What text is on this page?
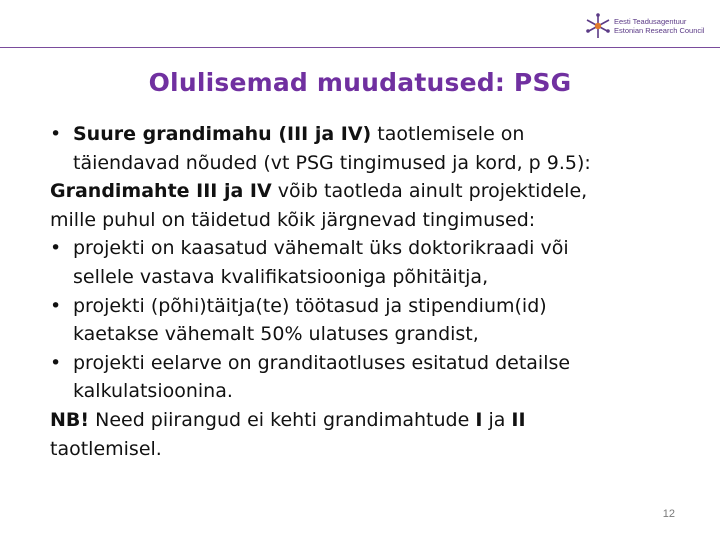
Eesti Teadusagentuur
Estonian Research Council
Olulisemad muudatused: PSG
• Suure grandimahu (III ja IV) taotlemisele on
täiendavad nõuded (vt PSG tingimused ja kord, p 9.5):
Grandimahte III ja IV võib taotleda ainult projektidele,
mille puhul on täidetud kõik järgnevad tingimused:
• projekti on kaasatud vähemalt üks doktorikraadi või
sellele vastava kvalifikatsiooniga põhitäitja,
• projekti (põhi)täitja(te) töötasud ja stipendium(id)
kaetakse vähemalt 50% ulatuses grandist,
• projekti eelarve on granditaotluses esitatud detailse
kalkulatsioonina.
NB! Need piirangud ei kehti grandimahtude I ja II
taotlemisel.
12
